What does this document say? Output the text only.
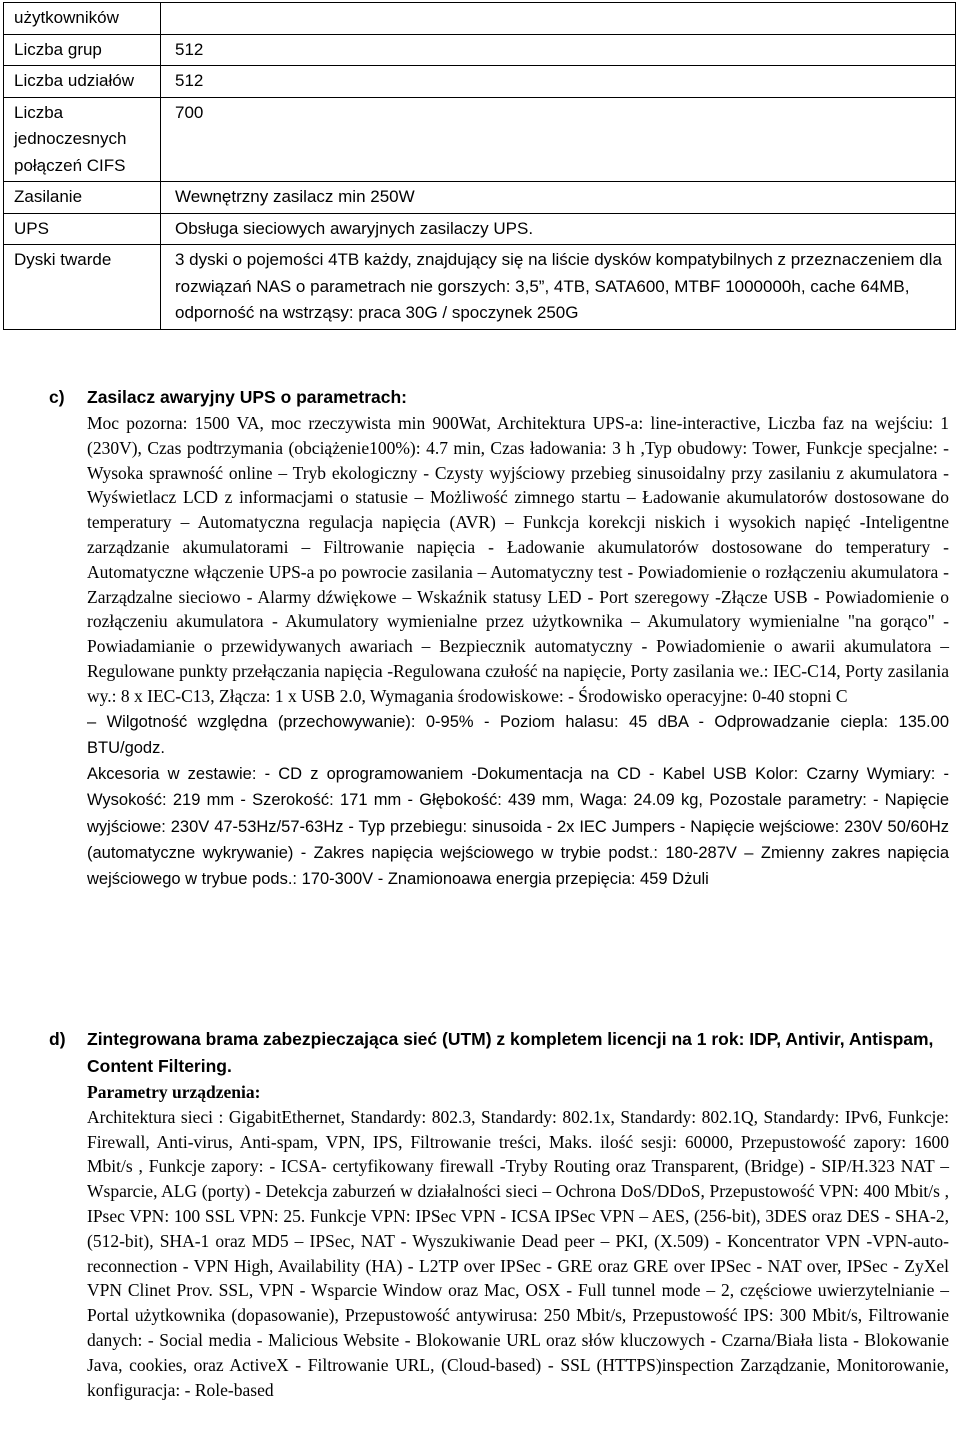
użytkowników	
Liczba grup	512
Liczba udziałów	512
Liczba jednoczesnych połączeń CIFS	700
Zasilanie	Wewnętrzny zasilacz min 250W
UPS	Obsługa sieciowych awaryjnych zasilaczy UPS.
Dyski twarde	3 dyski o pojemości 4TB każdy, znajdujący się na liście dysków kompatybilnych z przeznaczeniem dla rozwiązań NAS o parametrach nie gorszych: 3,5”, 4TB, SATA600, MTBF 1000000h, cache 64MB, odporność na wstrząsy: praca 30G / spoczynek 250G
c)	Zasilacz awaryjny UPS o parametrach:

Moc pozorna: 1500 VA, moc rzeczywista min 900Wat, Architektura UPS-a: line-interactive, Liczba faz na wejściu: 1 (230V), Czas podtrzymania (obciążenie100%): 4.7 min, Czas ładowania: 3 h ,Typ obudowy: Tower, Funkcje specjalne: - Wysoka sprawność online – Tryb ekologiczny - Czysty wyjściowy przebieg sinusoidalny przy zasilaniu z akumulatora - Wyświetlacz LCD z informacjami o statusie – Możliwość zimnego startu – Ładowanie akumulatorów dostosowane do temperatury – Automatyczna regulacja napięcia (AVR) – Funkcja korekcji niskich i wysokich napięć -Inteligentne zarządzanie akumulatorami – Filtrowanie napięcia - Ładowanie akumulatorów dostosowane do temperatury - Automatyczne włączenie UPS-a po powrocie zasilania – Automatyczny test - Powiadomienie o rozłączeniu akumulatora - Zarządzalne sieciowo - Alarmy dźwiękowe – Wskaźnik statusy LED - Port szeregowy -Złącze USB - Powiadomienie o rozłączeniu akumulatora - Akumulatory wymienialne przez użytkownika – Akumulatory wymienialne "na gorąco" - Powiadamianie o przewidywanych awariach – Bezpiecznik automatyczny - Powiadomienie o awarii akumulatora – Regulowane punkty przełączania napięcia -Regulowana czułość na napięcie, Porty zasilania we.: IEC-C14, Porty zasilania wy.: 8 x IEC-C13, Złącza: 1 x USB 2.0, Wymagania środowiskowe: - Środowisko operacyjne: 0-40 stopni C

– Wilgotność względna (przechowywanie): 0-95% - Poziom halasu: 45 dBA - Odprowadzanie ciepla: 135.00 BTU/godz.

Akcesoria w zestawie: - CD z oprogramowaniem -Dokumentacja na CD - Kabel USB Kolor: Czarny Wymiary: - Wysokość: 219 mm - Szerokość: 171 mm - Głębokość: 439 mm, Waga: 24.09 kg, Pozostale parametry: - Napięcie wyjściowe: 230V 47-53Hz/57-63Hz - Typ przebiegu: sinusoida - 2x IEC Jumpers - Napięcie wejściowe: 230V 50/60Hz (automatyczne wykrywanie) - Zakres napięcia wejściowego w trybie podst.: 180-287V – Zmienny zakres napięcia wejściowego w trybue pods.: 170-300V - Znamionoawa energia przepięcia: 459 Dżuli

d)	Zintegrowana brama zabezpieczająca sieć (UTM) z kompletem licencji na 1 rok: IDP, Antivir, Antispam, Content Filtering.
Parametry urządzenia:

Architektura sieci : GigabitEthernet, Standardy: 802.3, Standardy: 802.1x, Standardy: 802.1Q, Standardy: IPv6, Funkcje: Firewall, Anti-virus, Anti-spam, VPN, IPS, Filtrowanie treści, Maks. ilość sesji: 60000, Przepustowość zapory: 1600 Mbit/s , Funkcje zapory: - ICSA- certyfikowany firewall -Tryby Routing oraz Transparent, (Bridge) - SIP/H.323 NAT – Wsparcie, ALG (porty) - Detekcja zaburzeń w działalności sieci – Ochrona DoS/DDoS, Przepustowość VPN: 400 Mbit/s , IPsec VPN: 100 SSL VPN: 25. Funkcje VPN: IPSec VPN - ICSA IPSec VPN – AES, (256-bit), 3DES oraz DES - SHA-2, (512-bit), SHA-1 oraz MD5 – IPSec, NAT - Wyszukiwanie Dead peer – PKI, (X.509) - Koncentrator VPN -VPN-auto-reconnection - VPN High, Availability (HA) - L2TP over IPSec - GRE oraz GRE over IPSec - NAT over, IPSec - ZyXel VPN Clinet Prov. SSL, VPN - Wsparcie Window oraz Mac, OSX - Full tunnel mode – 2, częściowe uwierzytelnianie – Portal użytkownika (dopasowanie), Przepustowość antywirusa: 250 Mbit/s, Przepustowość IPS: 300 Mbit/s, Filtrowanie danych: - Social media - Malicious Website - Blokowanie URL oraz słów kluczowych - Czarna/Biała lista - Blokowanie Java, cookies, oraz ActiveX - Filtrowanie URL, (Cloud-based) - SSL (HTTPS)inspection Zarządzanie, Monitorowanie, konfiguracja: - Role-based
